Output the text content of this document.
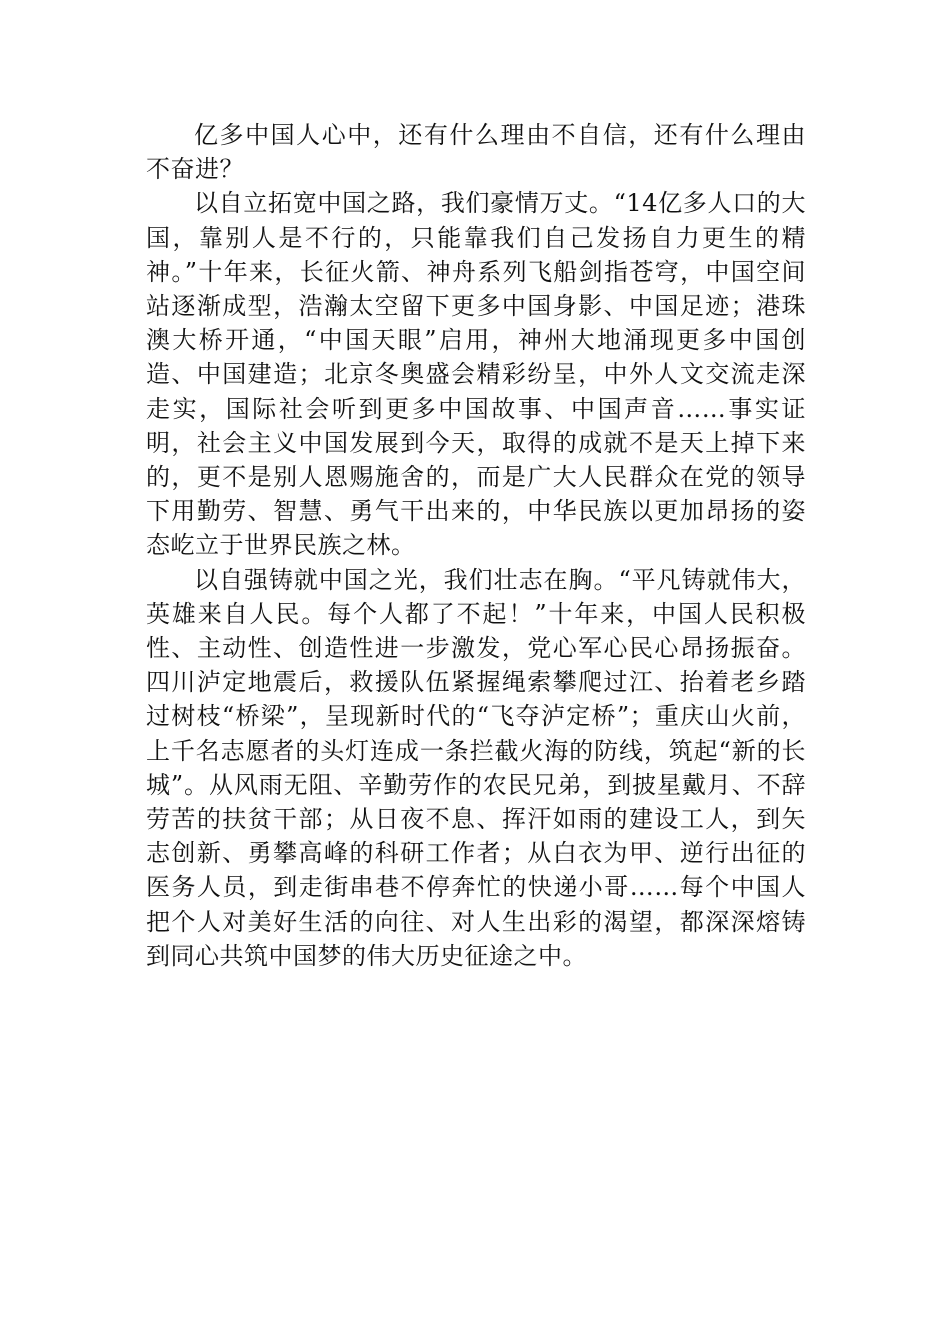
亿多中国人心中，还有什么理由不自信，还有什么理由不奋进？

以自立拓宽中国之路，我们豪情万丈。“14亿多人口的大国，靠别人是不行的，只能靠我们自己发扬自力更生的精神。”十年来，长征火箭、神舟系列飞船剑指苍穹，中国空间站逐渐成型，浩瀚太空留下更多中国身影、中国足迹；港珠澳大桥开通，“中国天眼”启用，神州大地涌现更多中国创造、中国建造；北京冬奥盛会精彩纷呈，中外人文交流走深走实，国际社会听到更多中国故事、中国声音……事实证明，社会主义中国发展到今天，取得的成就不是天上掉下来的，更不是别人恩赐施舍的，而是广大人民群众在党的领导下用勤劳、智慧、勇气干出来的，中华民族以更加昂扬的姿态屹立于世界民族之林。

以自强铸就中国之光，我们壮志在胸。“平凡铸就伟大，英雄来自人民。每个人都了不起！”十年来，中国人民积极性、主动性、创造性进一步激发，党心军心民心昂扬振奋。四川泸定地震后，救援队伍紧握绳索攀爬过江、抬着老乡踏过树枝“桥梁”，呈现新时代的“飞夺泸定桥”；重庆山火前，上千名志愿者的头灯连成一条拦截火海的防线，筑起“新的长城”。从风雨无阻、辛勤劳作的农民兄弟，到披星戴月、不辞劳苦的扶贫干部；从日夜不息、挥汗如雨的建设工人，到矢志创新、勇攀高峰的科研工作者；从白衣为甲、逆行出征的医务人员，到走街串巷不停奔忙的快递小哥……每个中国人把个人对美好生活的向往、对人生出彩的渴望，都深深熔铸到同心共筑中国梦的伟大历史征途之中。
